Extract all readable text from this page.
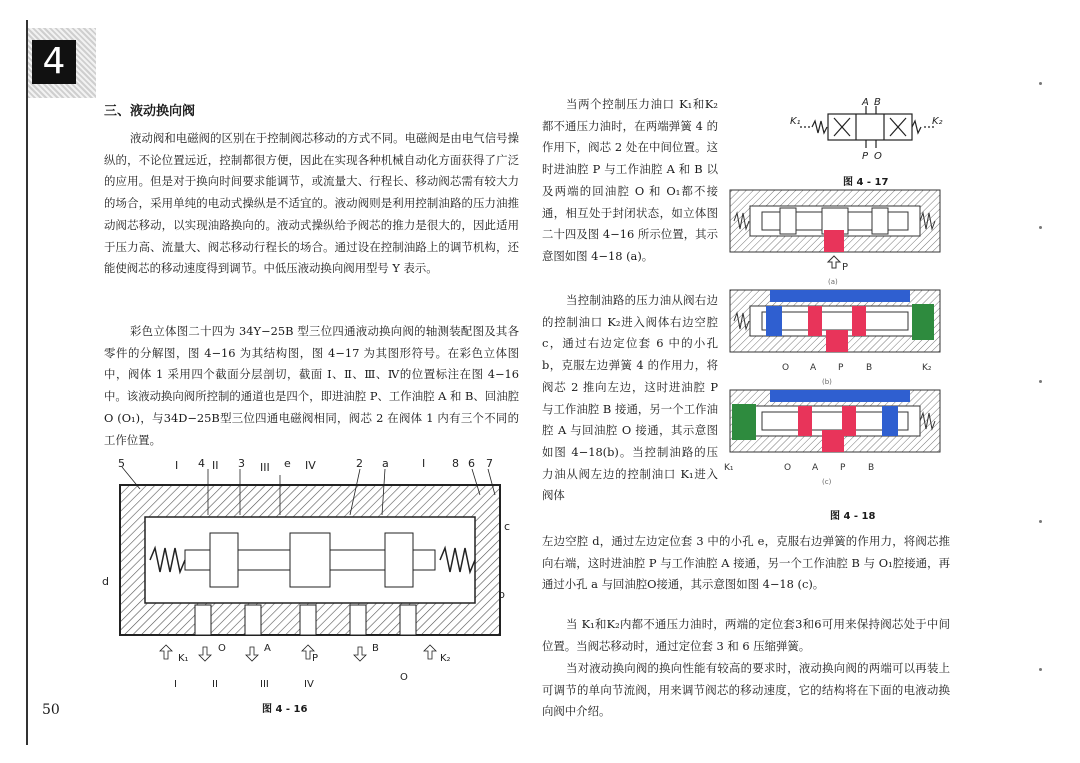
4
50
三、液动换向阀

液动阀和电磁阀的区别在于控制阀芯移动的方式不同。电磁阀是由电气信号操纵的，不论位置远近，控制都很方便，因此在实现各种机械自动化方面获得了广泛的应用。但是对于换向时间要求能调节，或流量大、行程长、移动阀芯需有较大力的场合，采用单纯的电动式操纵是不适宜的。液动阀则是利用控制油路的压力油推动阀芯移动，以实现油路换向的。液动式操纵给予阀芯的推力是很大的，因此适用于压力高、流量大、阀芯移动行程长的场合。通过设在控制油路上的调节机构，还能使阀芯的移动速度得到调节。中低压液动换向阀用型号 Y 表示。

彩色立体图二十四为 34Y−25B 型三位四通液动换向阀的轴测装配图及其各零件的分解图，图 4−16 为其结构图，图 4−17 为其图形符号。在彩色立体图中，阀体 1 采用四个截面分层剖切，截面 Ⅰ、Ⅱ、Ⅲ、Ⅳ的位置标注在图 4−16 中。该液动换向阀所控制的通道也是四个，即进油腔 P、工作油腔 A 和 B、回油腔 O (O₁)，与34D−25B型三位四通电磁阀相同，阀芯 2 在阀体 1 内有三个不同的工作位置。

5	I 4 II 3 III e IV	2 a	I 8 6 7
c
d
b
K₁
O	A
P
B
O
K₂
I	II	III	IV
图 4 - 16

当两个控制压力油口 K₁和K₂都不通压力油时，在两端弹簧 4 的作用下，阀芯 2 处在中间位置。这时进油腔 P 与工作油腔 A 和 B 以及两端的回油腔 O 和 O₁都不接通，相互处于封闭状态，如立体图二十四及图 4−16 所示位置，其示意图如图 4−18 (a)。

当控制油路的压力油从阀右边的控制油口 K₂进入阀体右边空腔c，通过右边定位套 6 中的小孔 b，克服左边弹簧 4 的作用力，将阀芯 2 推向左边，这时进油腔 P 与工作油腔 B 接通，另一个工作油腔 A 与回油腔 O 接通，其示意图如图 4−18(b)。当控制油路的压力油从阀左边的控制油口 K₁进入阀体

左边空腔 d，通过左边定位套 3 中的小孔 e，克服右边弹簧的作用力，将阀芯推向右端，这时进油腔 P 与工作油腔 A 接通，另一个工作油腔 B 与 O₁腔接通，再通过小孔 a 与回油腔O接通，其示意图如图 4−18 (c)。

当 K₁和K₂内都不通压力油时，两端的定位套3和6可用来保持阀芯处于中间位置。当阀芯移动时，通过定位套 3 和 6 压缩弹簧。

当对液动换向阀的换向性能有较高的要求时，液动换向阀的两端可以再装上可调节的单向节流阀，用来调节阀芯的移动速度，它的结构将在下面的电液动换向阀中介绍。

A B
K₁	K₂
P O
图 4 - 17
P
(a)
O A P	B	K₂
(b)
K₁	O A P	B
(c)
图 4 - 18
